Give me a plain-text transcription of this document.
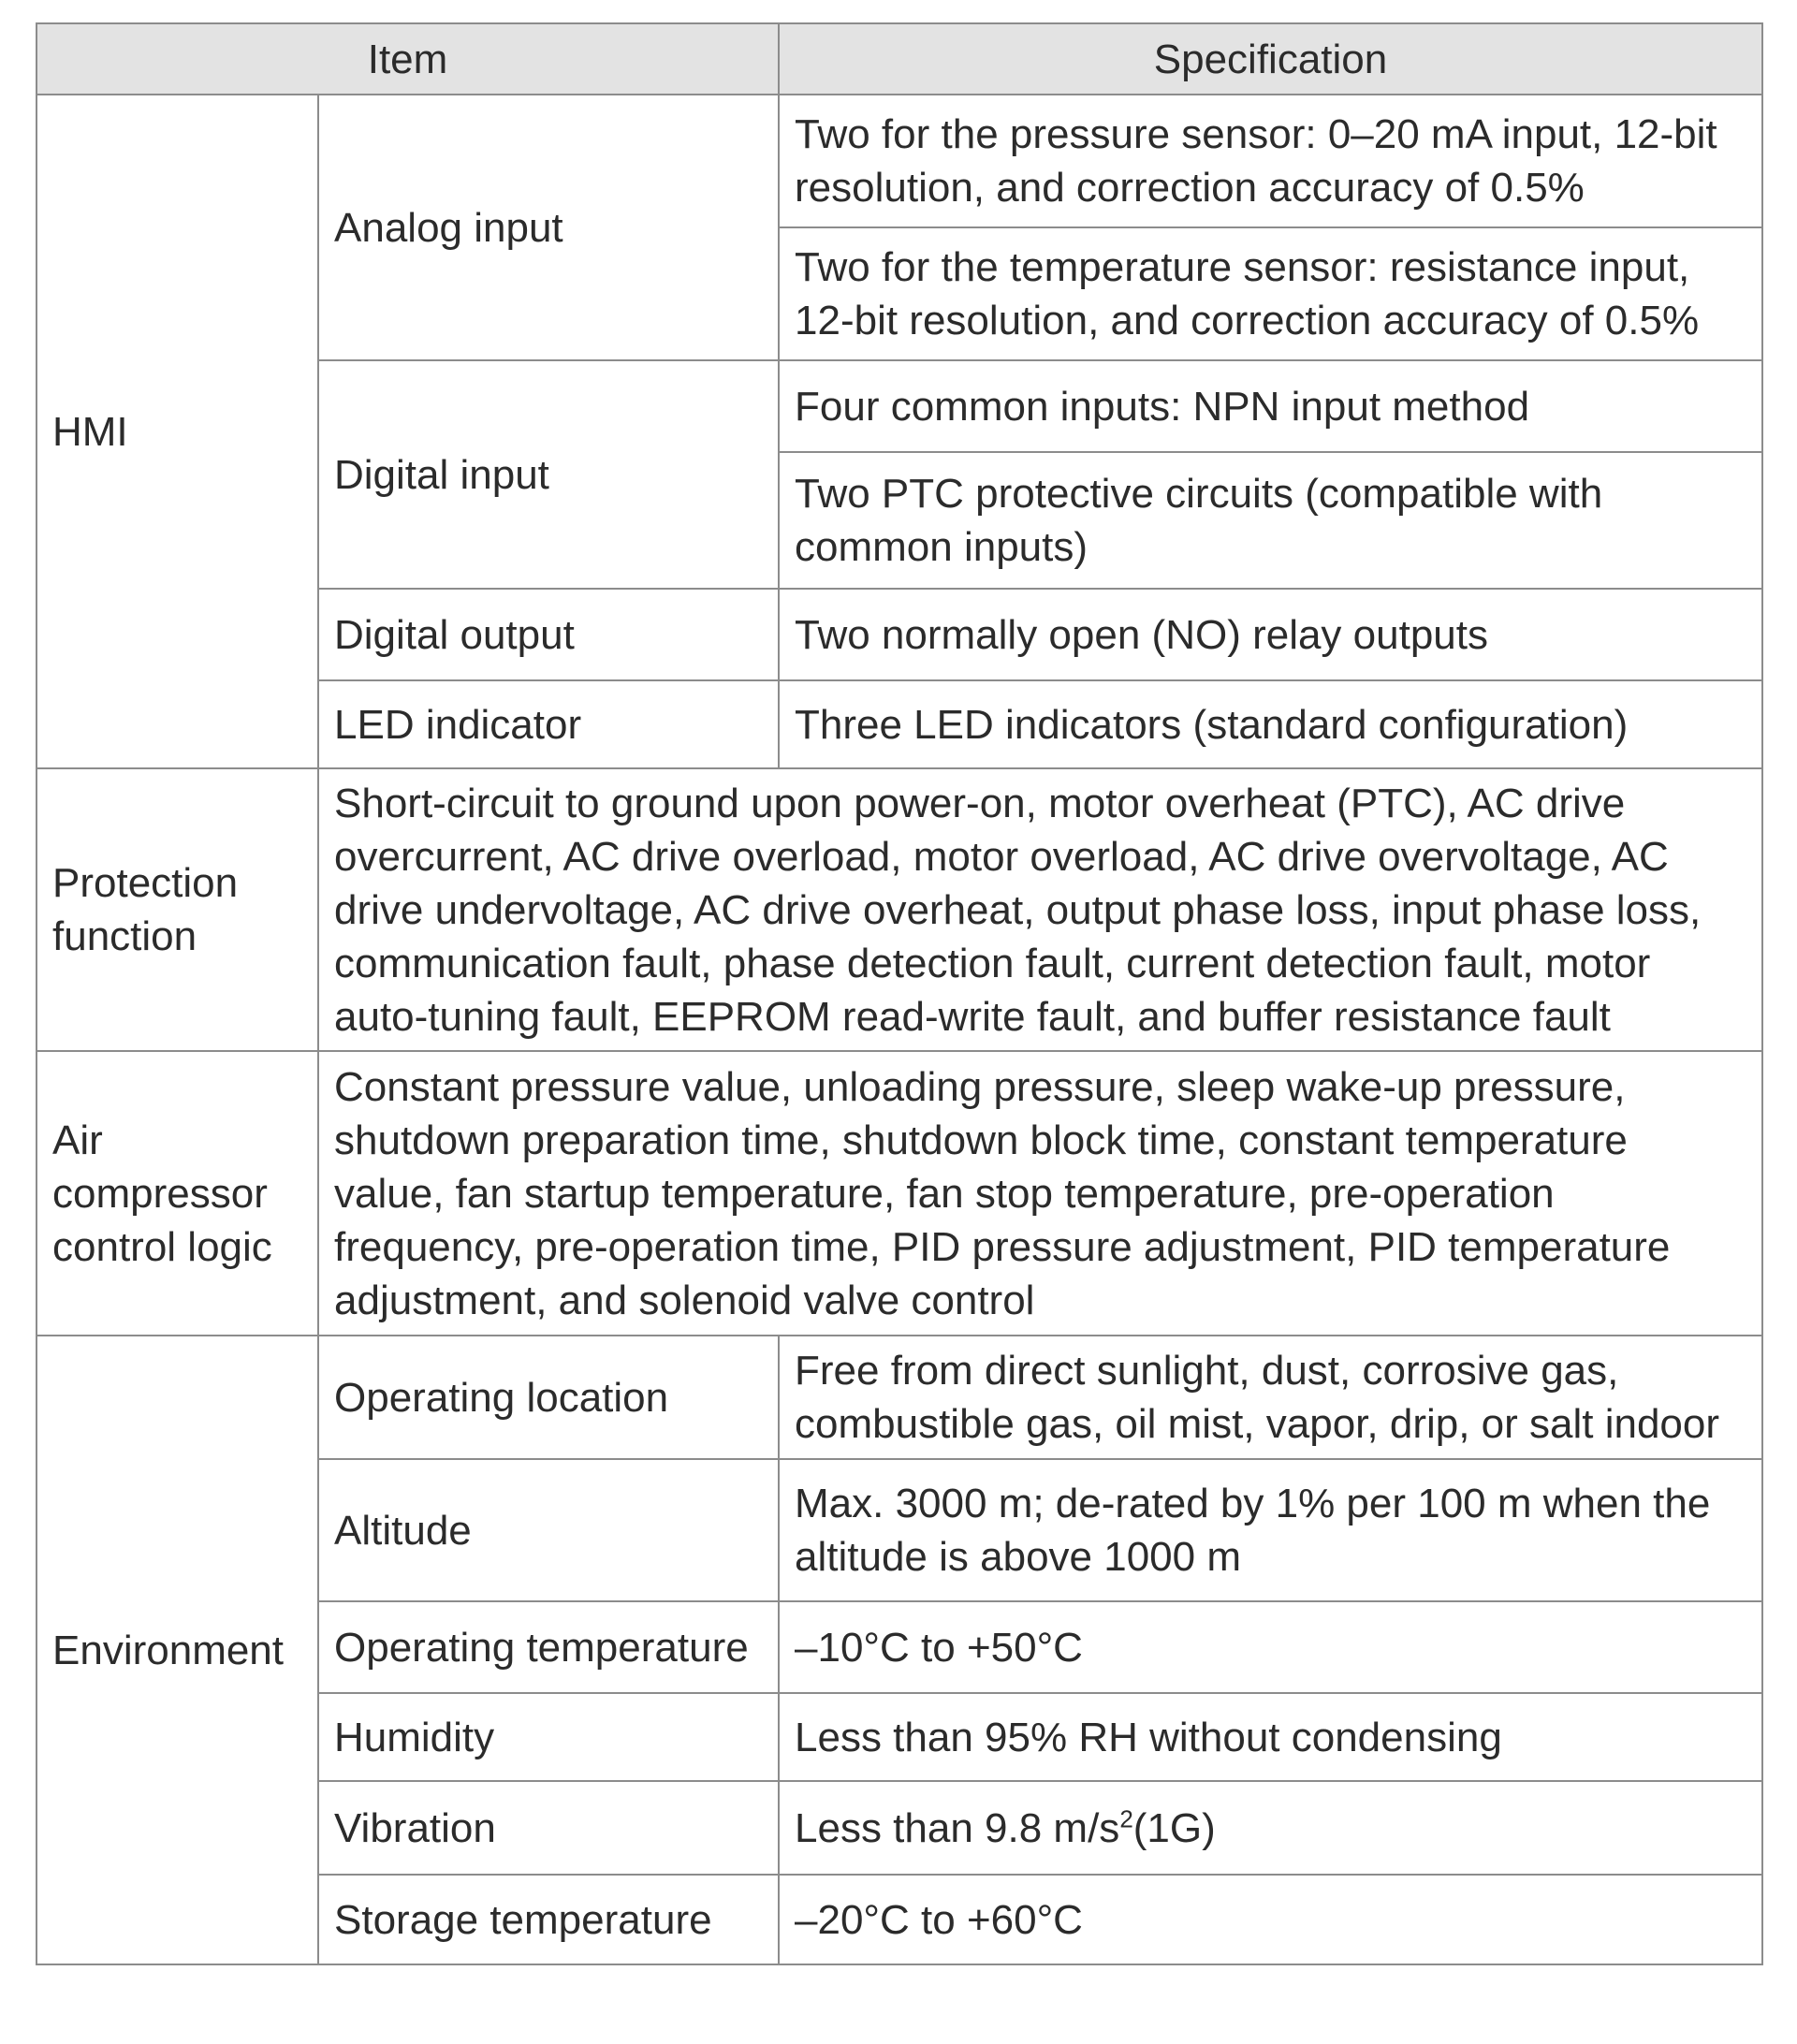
Item		Specification
HMI	Analog input	Two for the pressure sensor: 0–20 mA input, 12-bit resolution, and correction accuracy of 0.5%
		Two for the temperature sensor: resistance input, 12-bit resolution, and correction accuracy of 0.5%
	Digital input	Four common inputs: NPN input method
		Two PTC protective circuits (compatible with common inputs)
	Digital output	Two normally open (NO) relay outputs
	LED indicator	Three LED indicators (standard configuration)
Protection function	Short-circuit to ground upon power-on, motor overheat (PTC), AC drive overcurrent, AC drive overload, motor overload, AC drive overvoltage, AC drive undervoltage, AC drive overheat, output phase loss, input phase loss, communication fault, phase detection fault, current detection fault, motor auto-tuning fault, EEPROM read-write fault, and buffer resistance fault	
Air compressor control logic	Constant pressure value, unloading pressure, sleep wake-up pressure, shutdown preparation time, shutdown block time, constant temperature value, fan startup temperature, fan stop temperature, pre-operation frequency, pre-operation time, PID pressure adjustment, PID temperature adjustment, and solenoid valve control	
Environment	Operating location	Free from direct sunlight, dust, corrosive gas, combustible gas, oil mist, vapor, drip, or salt indoor
	Altitude	Max. 3000 m; de-rated by 1% per 100 m when the altitude is above 1000 m
	Operating temperature	–10°C to +50°C
	Humidity	Less than 95% RH without condensing
	Vibration	Less than 9.8 $m/s^2(1G)$
	Storage temperature	–20°C to +60°C
